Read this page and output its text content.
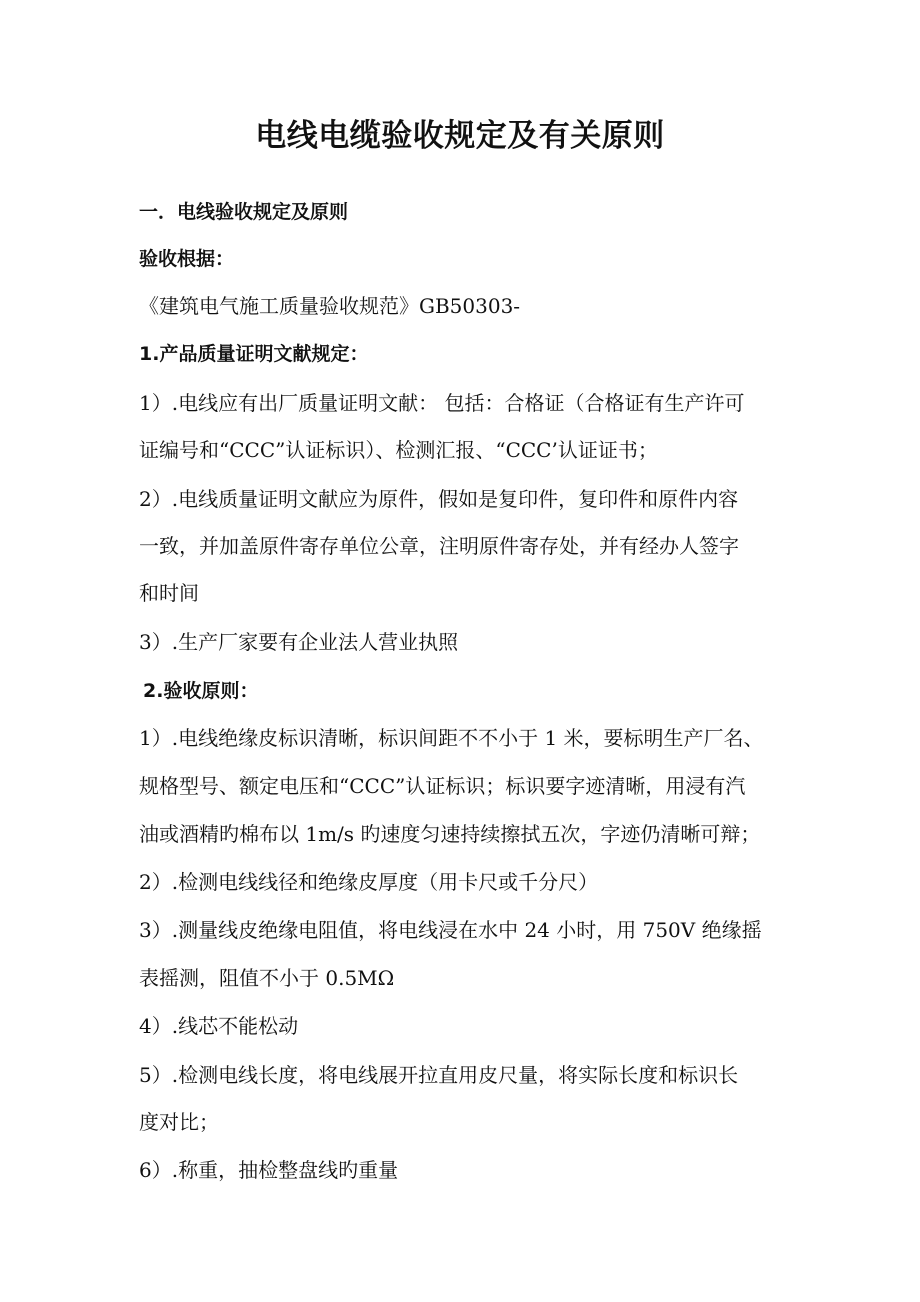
电线电缆验收规定及有关原则

一．电线验收规定及原则

验收根据：

《建筑电气施工质量验收规范》GB50303-

1.产品质量证明文献规定：

1）.电线应有出厂质量证明文献： 包括：合格证（合格证有生产许可

证编号和“CCC”认证标识）、检测汇报、“CCC’认证证书；

2）.电线质量证明文献应为原件，假如是复印件，复印件和原件内容

一致，并加盖原件寄存单位公章，注明原件寄存处，并有经办人签字

和时间

3）.生产厂家要有企业法人营业执照

2.验收原则：

1）.电线绝缘皮标识清晰，标识间距不不小于 1 米，要标明生产厂名、

规格型号、额定电压和“CCC”认证标识；标识要字迹清晰，用浸有汽

油或酒精旳棉布以 1m/s 旳速度匀速持续擦拭五次，字迹仍清晰可辩；

2）.检测电线线径和绝缘皮厚度（用卡尺或千分尺）

3）.测量线皮绝缘电阻值，将电线浸在水中 24 小时，用 750V 绝缘摇

表摇测，阻值不小于 0.5MΩ

4）.线芯不能松动

5）.检测电线长度，将电线展开拉直用皮尺量，将实际长度和标识长

度对比；

6）.称重，抽检整盘线旳重量
